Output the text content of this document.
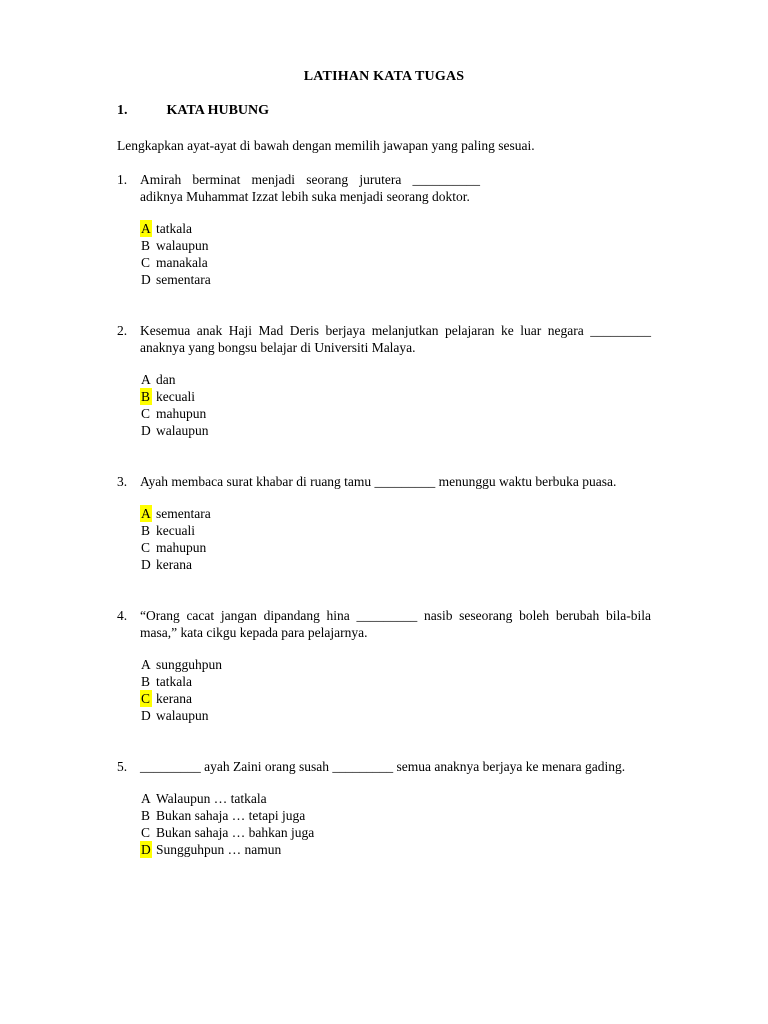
LATIHAN KATA TUGAS
1.	KATA HUBUNG
Lengkapkan ayat-ayat di bawah dengan memilih jawapan yang paling sesuai.
1. Amirah berminat menjadi seorang jurutera __________ adiknya Muhammat Izzat lebih suka menjadi seorang doktor.
A tatkala
B walaupun
C manakala
D sementara
2. Kesemua anak Haji Mad Deris berjaya melanjutkan pelajaran ke luar negara _________ anaknya yang bongsu belajar di Universiti Malaya.
A dan
B kecuali
C mahupun
D walaupun
3. Ayah membaca surat khabar di ruang tamu _________ menunggu waktu berbuka puasa.
A sementara
B kecuali
C mahupun
D kerana
4. “Orang cacat jangan dipandang hina _________ nasib seseorang boleh berubah bila-bila masa,” kata cikgu kepada para pelajarnya.
A sungguhpun
B tatkala
C kerana
D walaupun
5. _________ ayah Zaini orang susah _________ semua anaknya berjaya ke menara gading.
A Walaupun … tatkala
B Bukan sahaja … tetapi juga
C Bukan sahaja … bahkan juga
D Sungguhpun … namun
